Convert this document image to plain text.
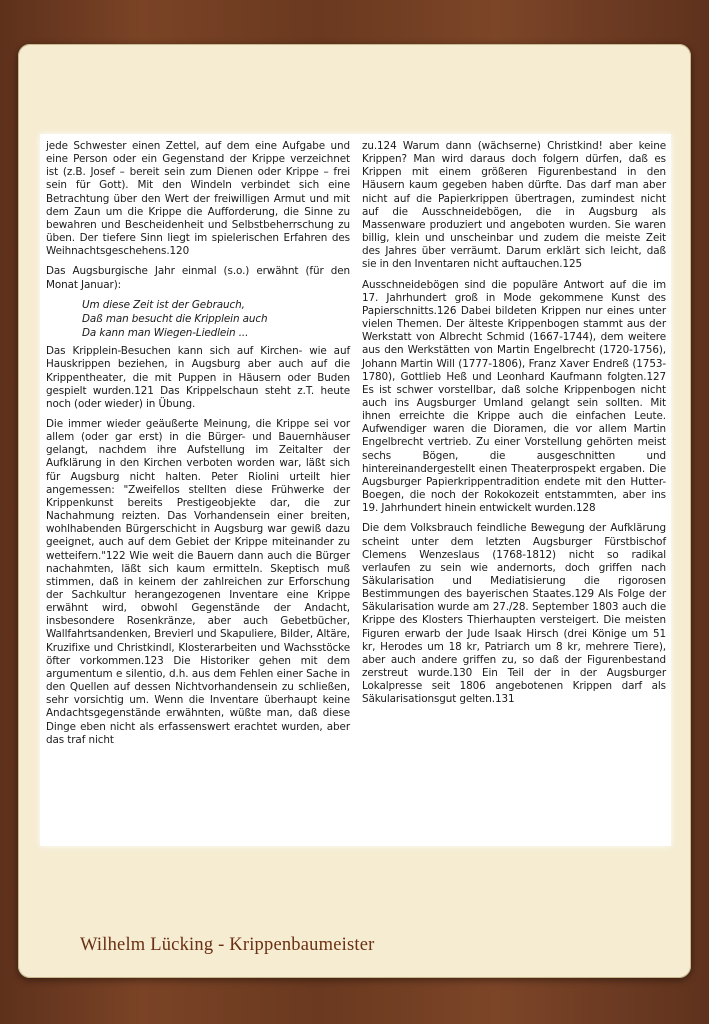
jede Schwester einen Zettel, auf dem eine Aufgabe und eine Person oder ein Gegenstand der Krippe verzeichnet ist (z.B. Josef – bereit sein zum Dienen oder Krippe – frei sein für Gott). Mit den Windeln verbindet sich eine Betrachtung über den Wert der freiwilligen Armut und mit dem Zaun um die Krippe die Aufforderung, die Sinne zu bewahren und Bescheidenheit und Selbstbeherrschung zu üben. Der tiefere Sinn liegt im spielerischen Erfahren des Weihnachtsgeschehens.120

Das Augsburgische Jahr einmal (s.o.) erwähnt (für den Monat Januar):

Um diese Zeit ist der Gebrauch,

Daß man besucht die Kripplein auch

Da kann man Wiegen-Liedlein ...

Das Kripplein-Besuchen kann sich auf Kirchen- wie auf Hauskrippen beziehen, in Augsburg aber auch auf die Krippentheater, die mit Puppen in Häusern oder Buden gespielt wurden.121 Das Krippelschaun steht z.T. heute noch (oder wieder) in Übung.

Die immer wieder geäußerte Meinung, die Krippe sei vor allem (oder gar erst) in die Bürger- und Bauernhäuser gelangt, nachdem ihre Aufstellung im Zeitalter der Aufklärung in den Kirchen verboten worden war, läßt sich für Augsburg nicht halten. Peter Riolini urteilt hier angemessen: "Zweifellos stellten diese Frühwerke der Krippenkunst bereits Prestigeobjekte dar, die zur Nachahmung reizten. Das Vorhandensein einer breiten, wohlhabenden Bürgerschicht in Augsburg war gewiß dazu geeignet, auch auf dem Gebiet der Krippe miteinander zu wetteifern."122 Wie weit die Bauern dann auch die Bürger nachahmten, läßt sich kaum ermitteln. Skeptisch muß stimmen, daß in keinem der zahlreichen zur Erforschung der Sachkultur herangezogenen Inventare eine Krippe erwähnt wird, obwohl Gegenstände der Andacht, insbesondere Rosenkränze, aber auch Gebetbücher, Wallfahrtsandenken, Brevierl und Skapuliere, Bilder, Altäre, Kruzifixe und Christkindl, Klosterarbeiten und Wachsstöcke öfter vorkommen.123 Die Historiker gehen mit dem argumentum e silentio, d.h. aus dem Fehlen einer Sache in den Quellen auf dessen Nichtvorhandensein zu schließen, sehr vorsichtig um. Wenn die Inventare überhaupt keine Andachtsgegenstände erwähnten, wüßte man, daß diese Dinge eben nicht als erfassenswert erachtet wurden, aber das traf nicht

zu.124 Warum dann (wächserne) Christkind! aber keine Krippen? Man wird daraus doch folgern dürfen, daß es Krippen mit einem größeren Figurenbestand in den Häusern kaum gegeben haben dürfte. Das darf man aber nicht auf die Papierkrippen übertragen, zumindest nicht auf die Ausschneidebögen, die in Augsburg als Massenware produziert und angeboten wurden. Sie waren billig, klein und unscheinbar und zudem die meiste Zeit des Jahres über verräumt. Darum erklärt sich leicht, daß sie in den Inventaren nicht auftauchen.125

Ausschneidebögen sind die populäre Antwort auf die im 17. Jahrhundert groß in Mode gekommene Kunst des Papierschnitts.126 Dabei bildeten Krippen nur eines unter vielen Themen. Der älteste Krippenbogen stammt aus der Werkstatt von Albrecht Schmid (1667-1744), dem weitere aus den Werkstätten von Martin Engelbrecht (1720-1756), Johann Martin Will (1777-1806), Franz Xaver Endreß (1753-1780), Gottlieb Heß und Leonhard Kaufmann folgten.127 Es ist schwer vorstellbar, daß solche Krippenbogen nicht auch ins Augsburger Umland gelangt sein sollten. Mit ihnen erreichte die Krippe auch die einfachen Leute. Aufwendiger waren die Dioramen, die vor allem Martin Engelbrecht vertrieb. Zu einer Vorstellung gehörten meist sechs Bögen, die ausgeschnitten und hintereinandergestellt einen Theaterprospekt ergaben. Die Augsburger Papierkrippentradition endete mit den Hutter-Boegen, die noch der Rokokozeit entstammten, aber ins 19. Jahrhundert hinein entwickelt wurden.128

Die dem Volksbrauch feindliche Bewegung der Aufklärung scheint unter dem letzten Augsburger Fürstbischof Clemens Wenzeslaus (1768-1812) nicht so radikal verlaufen zu sein wie andernorts, doch griffen nach Säkularisation und Mediatisierung die rigorosen Bestimmungen des bayerischen Staates.129 Als Folge der Säkularisation wurde am 27./28. September 1803 auch die Krippe des Klosters Thierhaupten versteigert. Die meisten Figuren erwarb der Jude Isaak Hirsch (drei Könige um 51 kr, Herodes um 18 kr, Patriarch um 8 kr, mehrere Tiere), aber auch andere griffen zu, so daß der Figurenbestand zerstreut wurde.130 Ein Teil der in der Augsburger Lokalpresse seit 1806 angebotenen Krippen darf als Säkularisationsgut gelten.131

Wilhelm Lücking - Krippenbaumeister
